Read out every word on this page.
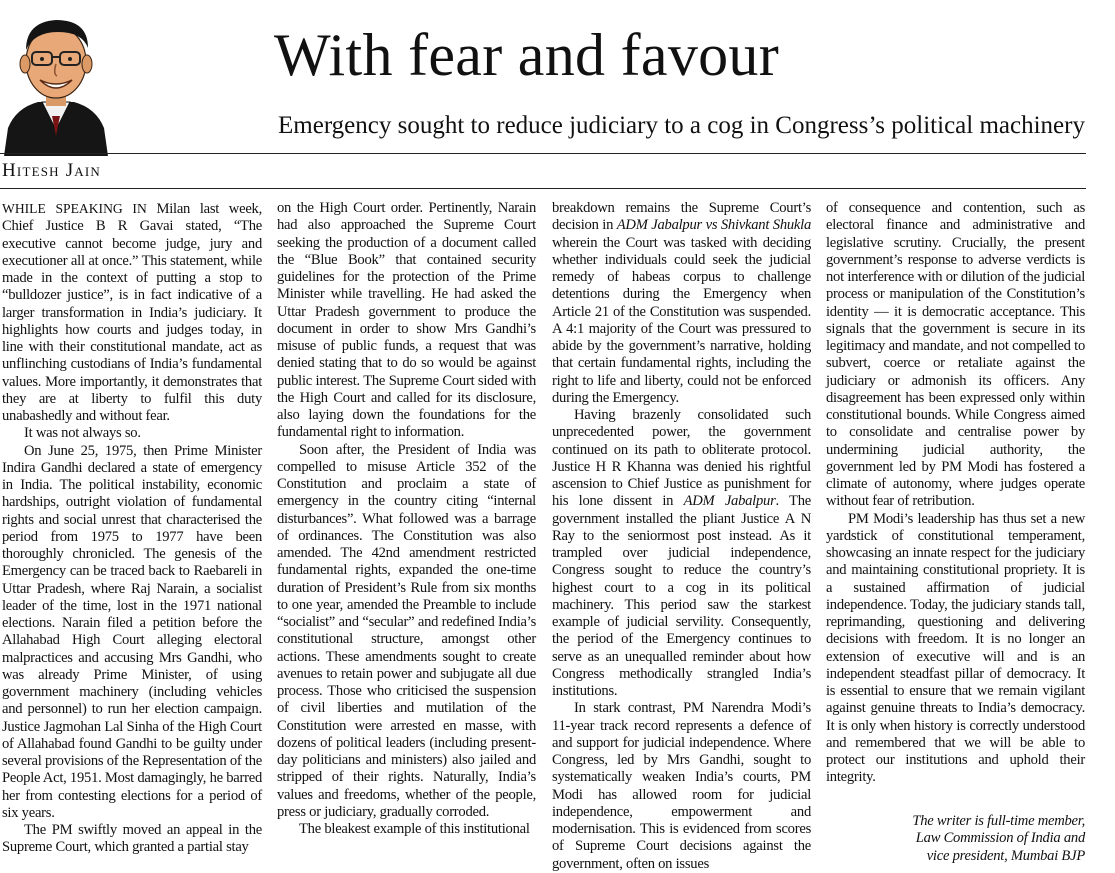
With fear and favour
Emergency sought to reduce judiciary to a cog in Congress’s political machinery
Hitesh Jain

WHILE SPEAKING IN Milan last week, Chief Justice B R Gavai stated, “The executive cannot become judge, jury and executioner all at once.” This statement, while made in the context of putting a stop to “bulldozer justice”, is in fact indicative of a larger transformation in India’s judiciary. It highlights how courts and judges today, in line with their constitutional mandate, act as unflinching custodians of India’s fundamental values. More importantly, it demonstrates that they are at liberty to fulfil this duty unabashedly and without fear.

It was not always so.

On June 25, 1975, then Prime Minister Indira Gandhi declared a state of emergency in India. The political instability, economic hardships, outright violation of fundamental rights and social unrest that characterised the period from 1975 to 1977 have been thoroughly chronicled. The genesis of the Emergency can be traced back to Raebareli in Uttar Pradesh, where Raj Narain, a socialist leader of the time, lost in the 1971 national elections. Narain filed a petition before the Allahabad High Court alleging electoral malpractices and accusing Mrs Gandhi, who was already Prime Minister, of using government machinery (including vehicles and personnel) to run her election campaign. Justice Jagmohan Lal Sinha of the High Court of Allahabad found Gandhi to be guilty under several provisions of the Representation of the People Act, 1951. Most damagingly, he barred her from contesting elections for a period of six years.

The PM swiftly moved an appeal in the Supreme Court, which granted a partial stay

on the High Court order. Pertinently, Narain had also approached the Supreme Court seeking the production of a document called the “Blue Book” that contained security guidelines for the protection of the Prime Minister while travelling. He had asked the Uttar Pradesh government to produce the document in order to show Mrs Gandhi’s misuse of public funds, a request that was denied stating that to do so would be against public interest. The Supreme Court sided with the High Court and called for its disclosure, also laying down the foundations for the fundamental right to information.

Soon after, the President of India was compelled to misuse Article 352 of the Constitution and proclaim a state of emergency in the country citing “internal disturbances”. What followed was a barrage of ordinances. The Constitution was also amended. The 42nd amendment restricted fundamental rights, expanded the one-time duration of President’s Rule from six months to one year, amended the Preamble to include “socialist” and “secular” and redefined India’s constitutional structure, amongst other actions. These amendments sought to create avenues to retain power and subjugate all due process. Those who criticised the suspension of civil liberties and mutilation of the Constitution were arrested en masse, with dozens of political leaders (including present-day politicians and ministers) also jailed and stripped of their rights. Naturally, India’s values and freedoms, whether of the people, press or judiciary, gradually corroded.

The bleakest example of this institutional

breakdown remains the Supreme Court’s decision in ADM Jabalpur vs Shivkant Shukla wherein the Court was tasked with deciding whether individuals could seek the judicial remedy of habeas corpus to challenge detentions during the Emergency when Article 21 of the Constitution was suspended. A 4:1 majority of the Court was pressured to abide by the government’s narrative, holding that certain fundamental rights, including the right to life and liberty, could not be enforced during the Emergency.

Having brazenly consolidated such unprecedented power, the government continued on its path to obliterate protocol. Justice H R Khanna was denied his rightful ascension to Chief Justice as punishment for his lone dissent in ADM Jabalpur. The government installed the pliant Justice A N Ray to the seniormost post instead. As it trampled over judicial independence, Congress sought to reduce the country’s highest court to a cog in its political machinery. This period saw the starkest example of judicial servility. Consequently, the period of the Emergency continues to serve as an unequalled reminder about how Congress methodically strangled India’s institutions.

In stark contrast, PM Narendra Modi’s 11-year track record represents a defence of and support for judicial independence. Where Congress, led by Mrs Gandhi, sought to systematically weaken India’s courts, PM Modi has allowed room for judicial independence, empowerment and modernisation. This is evidenced from scores of Supreme Court decisions against the government, often on issues

of consequence and contention, such as electoral finance and administrative and legislative scrutiny. Crucially, the present government’s response to adverse verdicts is not interference with or dilution of the judicial process or manipulation of the Constitution’s identity — it is democratic acceptance. This signals that the government is secure in its legitimacy and mandate, and not compelled to subvert, coerce or retaliate against the judiciary or admonish its officers. Any disagreement has been expressed only within constitutional bounds. While Congress aimed to consolidate and centralise power by undermining judicial authority, the government led by PM Modi has fostered a climate of autonomy, where judges operate without fear of retribution.

PM Modi’s leadership has thus set a new yardstick of constitutional temperament, showcasing an innate respect for the judiciary and maintaining constitutional propriety. It is a sustained affirmation of judicial independence. Today, the judiciary stands tall, reprimanding, questioning and delivering decisions with freedom. It is no longer an extension of executive will and is an independent steadfast pillar of democracy. It is essential to ensure that we remain vigilant against genuine threats to India’s democracy. It is only when history is correctly understood and remembered that we will be able to protect our institutions and uphold their integrity.

The writer is full-time member,
Law Commission of India and
vice president, Mumbai BJP
